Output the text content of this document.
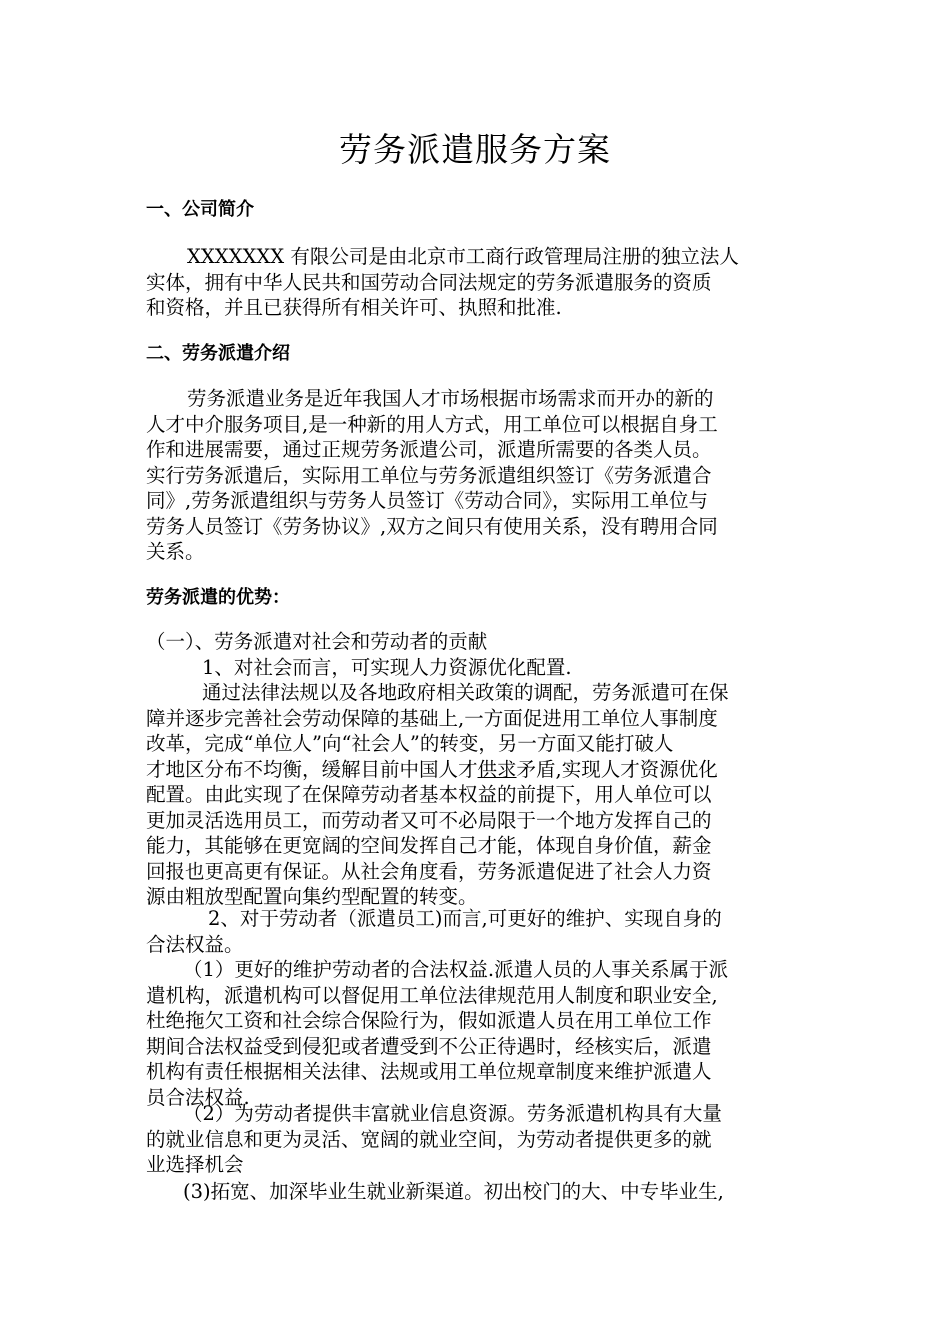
劳务派遣服务方案
一、公司简介

XXXXXXX 有限公司是由北京市工商行政管理局注册的独立法人
实体，拥有中华人民共和国劳动合同法规定的劳务派遣服务的资质
和资格，并且已获得所有相关许可、执照和批准.

二、劳务派遣介绍

劳务派遣业务是近年我国人才市场根据市场需求而开办的新的
人才中介服务项目,是一种新的用人方式，用工单位可以根据自身工
作和进展需要，通过正规劳务派遣公司，派遣所需要的各类人员。
实行劳务派遣后，实际用工单位与劳务派遣组织签订《劳务派遣合
同》,劳务派遣组织与劳务人员签订《劳动合同》，实际用工单位与
劳务人员签订《劳务协议》,双方之间只有使用关系，没有聘用合同
关系。

劳务派遣的优势：

（一）、劳务派遣对社会和劳动者的贡献
1、对社会而言，可实现人力资源优化配置.

通过法律法规以及各地政府相关政策的调配，劳务派遣可在保
障并逐步完善社会劳动保障的基础上,一方面促进用工单位人事制度
改革，完成“单位人”向“社会人”的转变，另一方面又能打破人
才地区分布不均衡，缓解目前中国人才供求矛盾,实现人才资源优化
配置。由此实现了在保障劳动者基本权益的前提下，用人单位可以
更加灵活选用员工，而劳动者又可不必局限于一个地方发挥自己的
能力，其能够在更宽阔的空间发挥自己才能，体现自身价值，薪金
回报也更高更有保证。从社会角度看，劳务派遣促进了社会人力资
源由粗放型配置向集约型配置的转变。

2、对于劳动者（派遣员工)而言,可更好的维护、实现自身的
合法权益。

（1）更好的维护劳动者的合法权益.派遣人员的人事关系属于派
遣机构，派遣机构可以督促用工单位法律规范用人制度和职业安全,
杜绝拖欠工资和社会综合保险行为，假如派遣人员在用工单位工作
期间合法权益受到侵犯或者遭受到不公正待遇时，经核实后，派遣
机构有责任根据相关法律、法规或用工单位规章制度来维护派遣人
员合法权益.

（2）为劳动者提供丰富就业信息资源。劳务派遣机构具有大量
的就业信息和更为灵活、宽阔的就业空间，为劳动者提供更多的就
业选择机会

(3)拓宽、加深毕业生就业新渠道。初出校门的大、中专毕业生,
